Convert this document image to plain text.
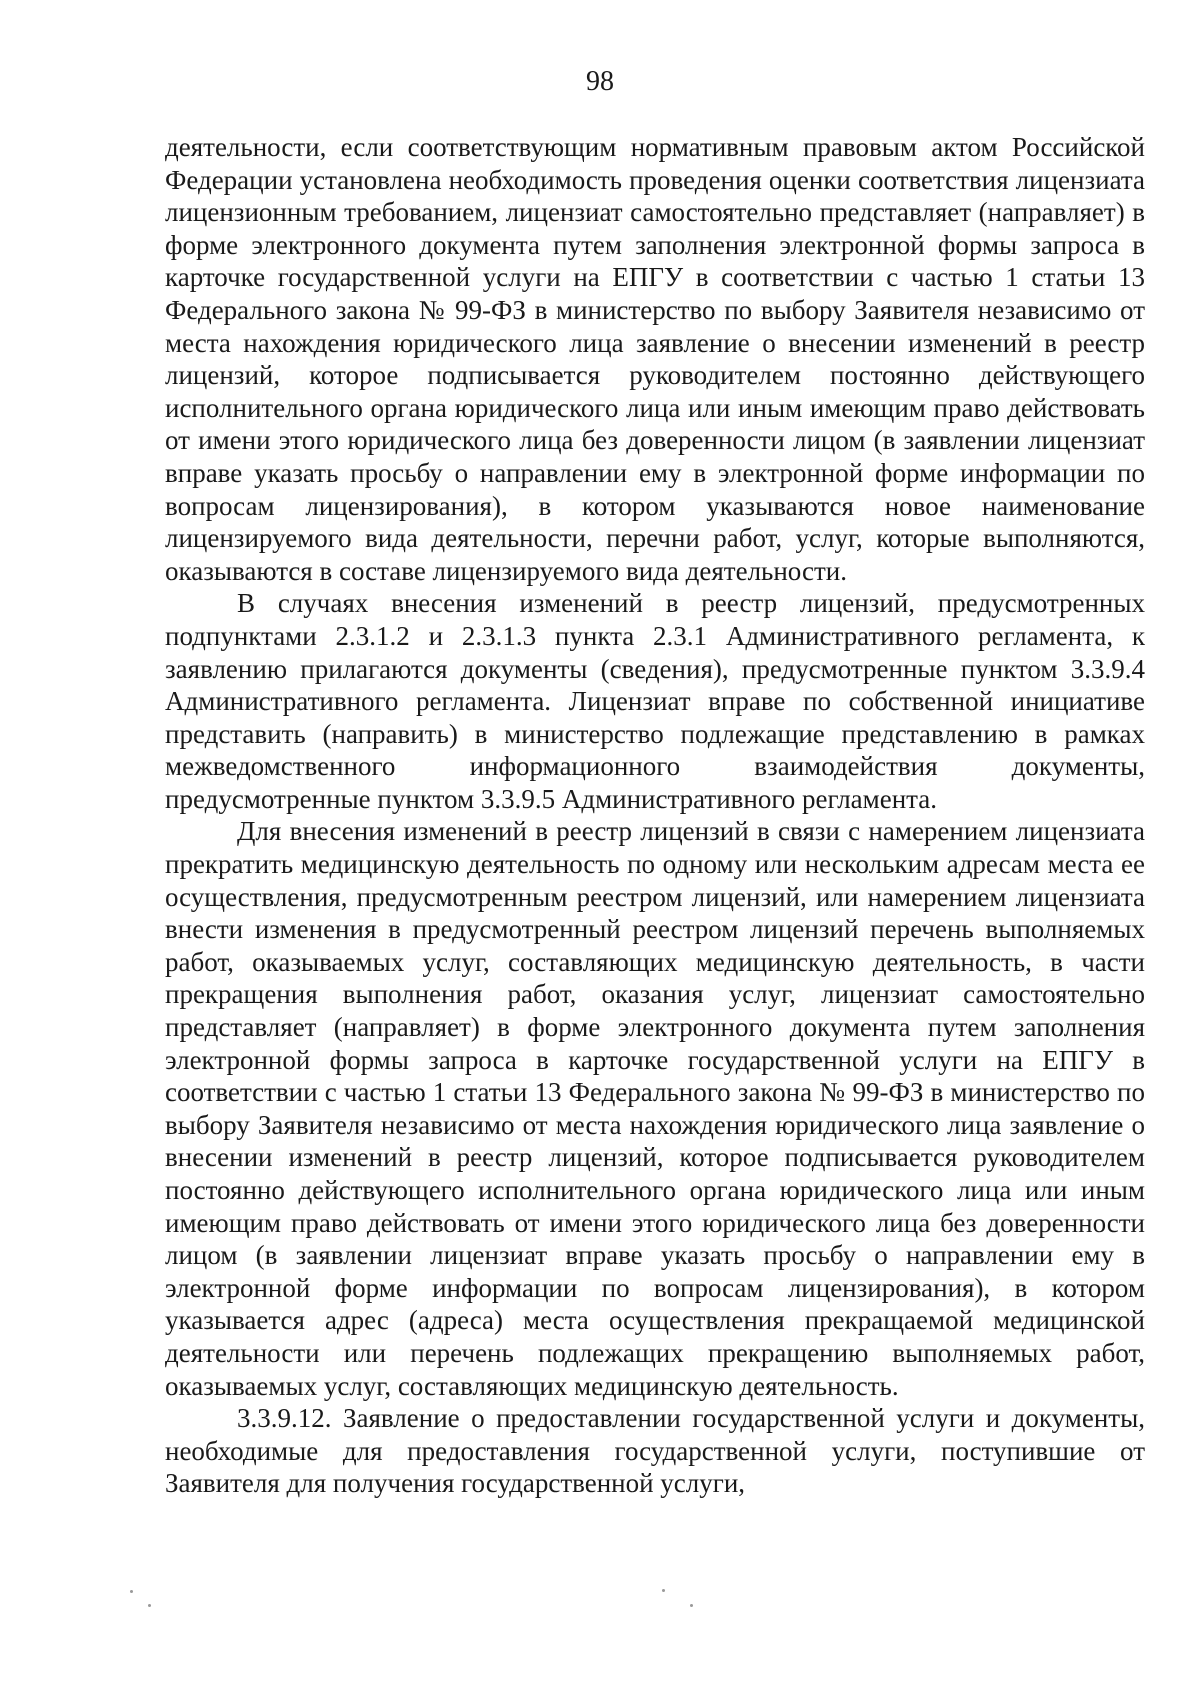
98

деятельности, если соответствующим нормативным правовым актом Российской Федерации установлена необходимость проведения оценки соответствия лицензиата лицензионным требованием, лицензиат самостоятельно представляет (направляет) в форме электронного документа путем заполнения электронной формы запроса в карточке государственной услуги на ЕПГУ в соответствии с частью 1 статьи 13 Федерального закона № 99-ФЗ в министерство по выбору Заявителя независимо от места нахождения юридического лица заявление о внесении изменений в реестр лицензий, которое подписывается руководителем постоянно действующего исполнительного органа юридического лица или иным имеющим право действовать от имени этого юридического лица без доверенности лицом (в заявлении лицензиат вправе указать просьбу о направлении ему в электронной форме информации по вопросам лицензирования), в котором указываются новое наименование лицензируемого вида деятельности, перечни работ, услуг, которые выполняются, оказываются в составе лицензируемого вида деятельности.

В случаях внесения изменений в реестр лицензий, предусмотренных подпунктами 2.3.1.2 и 2.3.1.3 пункта 2.3.1 Административного регламента, к заявлению прилагаются документы (сведения), предусмотренные пунктом 3.3.9.4 Административного регламента. Лицензиат вправе по собственной инициативе представить (направить) в министерство подлежащие представлению в рамках межведомственного информационного взаимодействия документы, предусмотренные пунктом 3.3.9.5 Административного регламента.

Для внесения изменений в реестр лицензий в связи с намерением лицензиата прекратить медицинскую деятельность по одному или нескольким адресам места ее осуществления, предусмотренным реестром лицензий, или намерением лицензиата внести изменения в предусмотренный реестром лицензий перечень выполняемых работ, оказываемых услуг, составляющих медицинскую деятельность, в части прекращения выполнения работ, оказания услуг, лицензиат самостоятельно представляет (направляет) в форме электронного документа путем заполнения электронной формы запроса в карточке государственной услуги на ЕПГУ в соответствии с частью 1 статьи 13 Федерального закона № 99-ФЗ в министерство по выбору Заявителя независимо от места нахождения юридического лица заявление о внесении изменений в реестр лицензий, которое подписывается руководителем постоянно действующего исполнительного органа юридического лица или иным имеющим право действовать от имени этого юридического лица без доверенности лицом (в заявлении лицензиат вправе указать просьбу о направлении ему в электронной форме информации по вопросам лицензирования), в котором указывается адрес (адреса) места осуществления прекращаемой медицинской деятельности или перечень подлежащих прекращению выполняемых работ, оказываемых услуг, составляющих медицинскую деятельность.

3.3.9.12. Заявление о предоставлении государственной услуги и документы, необходимые для предоставления государственной услуги, поступившие от Заявителя для получения государственной услуги,
